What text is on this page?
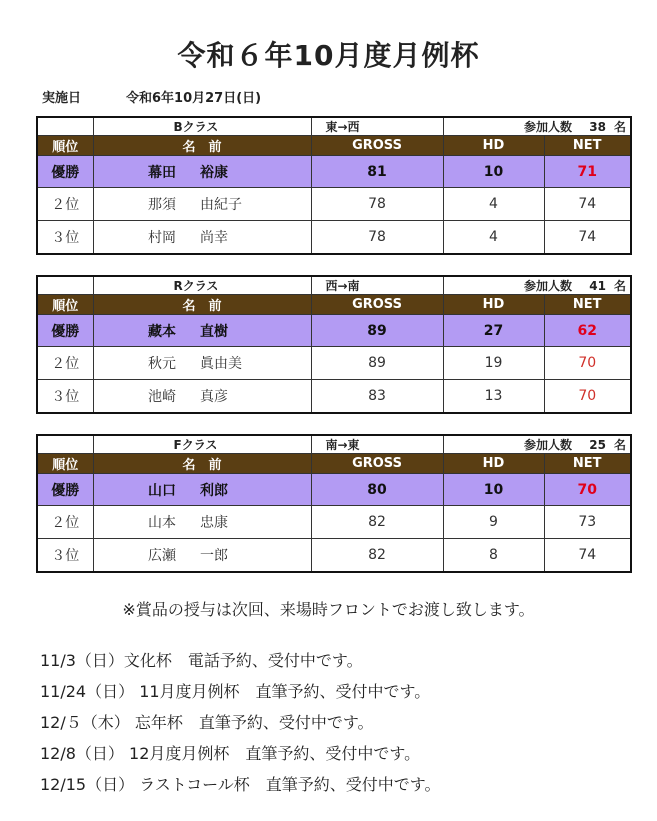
令和６年10月度月例杯
実施日	令和6年10月27日(日)
	Bクラス	東→西	参加人数 38 名	
順位	名　前	GROSS	HD	NET
優勝	幕田 裕康	81	10	71
２位	那須 由紀子	78	4	74
３位	村岡 尚幸	78	4	74
	Rクラス	西→南	参加人数 41 名	
順位	名　前	GROSS	HD	NET
優勝	藏本 直樹	89	27	62
２位	秋元 眞由美	89	19	70
３位	池崎 真彦	83	13	70
	Fクラス	南→東	参加人数 25 名	
順位	名　前	GROSS	HD	NET
優勝	山口 利郎	80	10	70
２位	山本 忠康	82	9	73
３位	広瀬 一郎	82	8	74
※賞品の授与は次回、来場時フロントでお渡し致します。
11/3（日）文化杯　電話予約、受付中です。
11/24（日） 11月度月例杯　直筆予約、受付中です。
12/５（木） 忘年杯　直筆予約、受付中です。
12/8（日） 12月度月例杯　直筆予約、受付中です。
12/15（日） ラストコール杯　直筆予約、受付中です。
